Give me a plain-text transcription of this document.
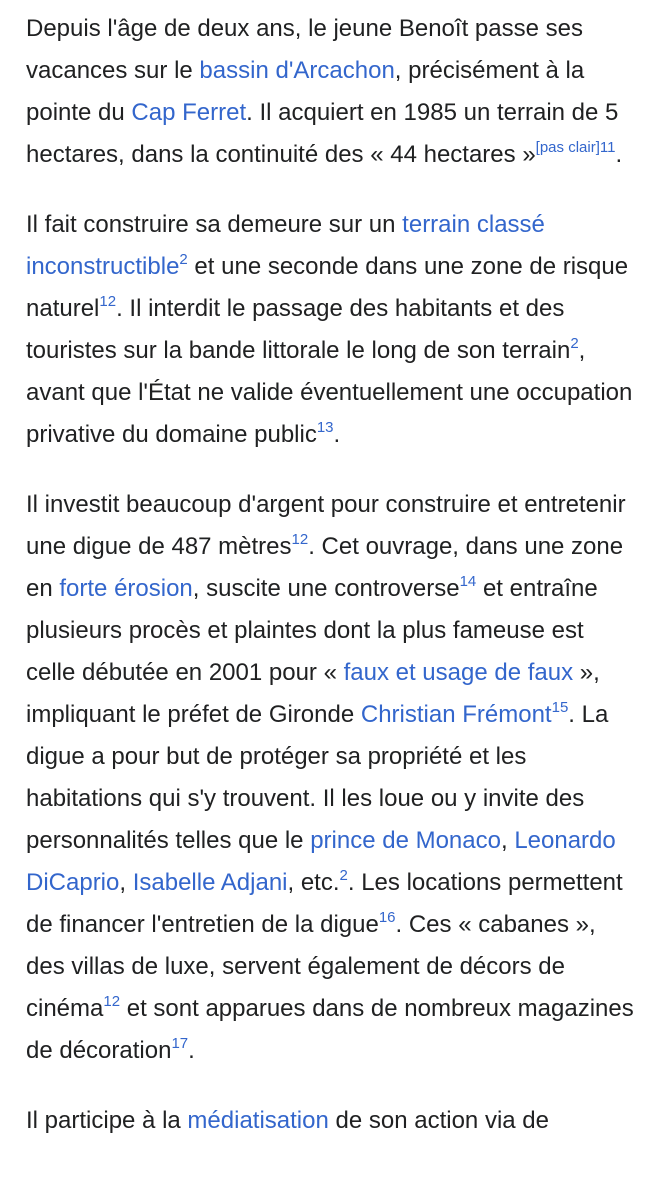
Depuis l'âge de deux ans, le jeune Benoît passe ses vacances sur le bassin d'Arcachon, précisément à la pointe du Cap Ferret. Il acquiert en 1985 un terrain de 5 hectares, dans la continuité des « 44 hectares »$^{[pas clair]11}$.

Il fait construire sa demeure sur un terrain classé inconstructible$^2$ et une seconde dans une zone de risque naturel$^{12}$. Il interdit le passage des habitants et des touristes sur la bande littorale le long de son terrain$^2$, avant que l'État ne valide éventuellement une occupation privative du domaine public$^{13}$.

Il investit beaucoup d'argent pour construire et entretenir une digue de 487 mètres$^{12}$. Cet ouvrage, dans une zone en forte érosion, suscite une controverse$^{14}$ et entraîne plusieurs procès et plaintes dont la plus fameuse est celle débutée en 2001 pour « faux et usage de faux », impliquant le préfet de Gironde Christian Frémont$^{15}$. La digue a pour but de protéger sa propriété et les habitations qui s'y trouvent. Il les loue ou y invite des personnalités telles que le prince de Monaco, Leonardo DiCaprio, Isabelle Adjani, etc.$^2$. Les locations permettent de financer l'entretien de la digue$^{16}$. Ces « cabanes », des villas de luxe, servent également de décors de cinéma$^{12}$ et sont apparues dans de nombreux magazines de décoration$^{17}$.

Il participe à la médiatisation de son action via de
